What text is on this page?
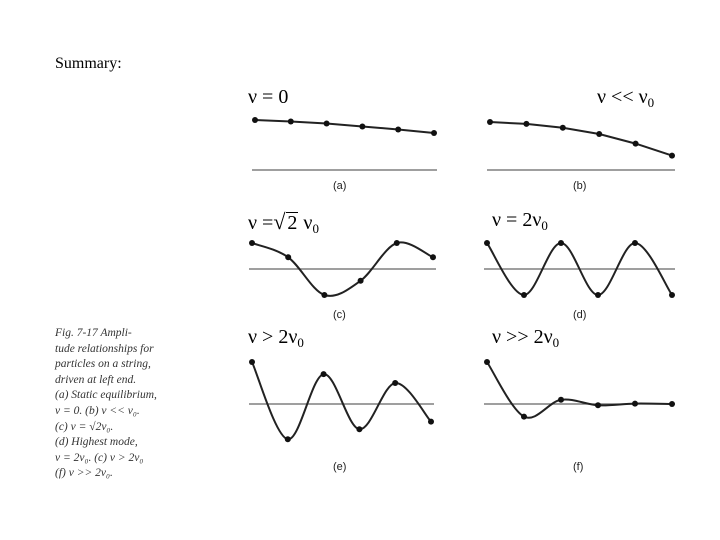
Summary:
ν = 0	$\nu << \nu_0$
ν =√ 2 $\nu_0$	$\nu = 2\nu_0$
$\nu > 2\nu_0$	$\nu >> 2\nu_0$
(a)	(b)
(c)	(d)
(e)	(f)
Fig. 7-17 Ampli-
tude relationships for
particles on a string,
driven at left end.
(a) Static equilibrium,
ν = 0. (b) ν << ν₀.
(c) ν = √2ν₀.
(d) Highest mode,
ν = 2ν₀. (c) ν > 2ν₀
(f) ν >> 2ν₀.
